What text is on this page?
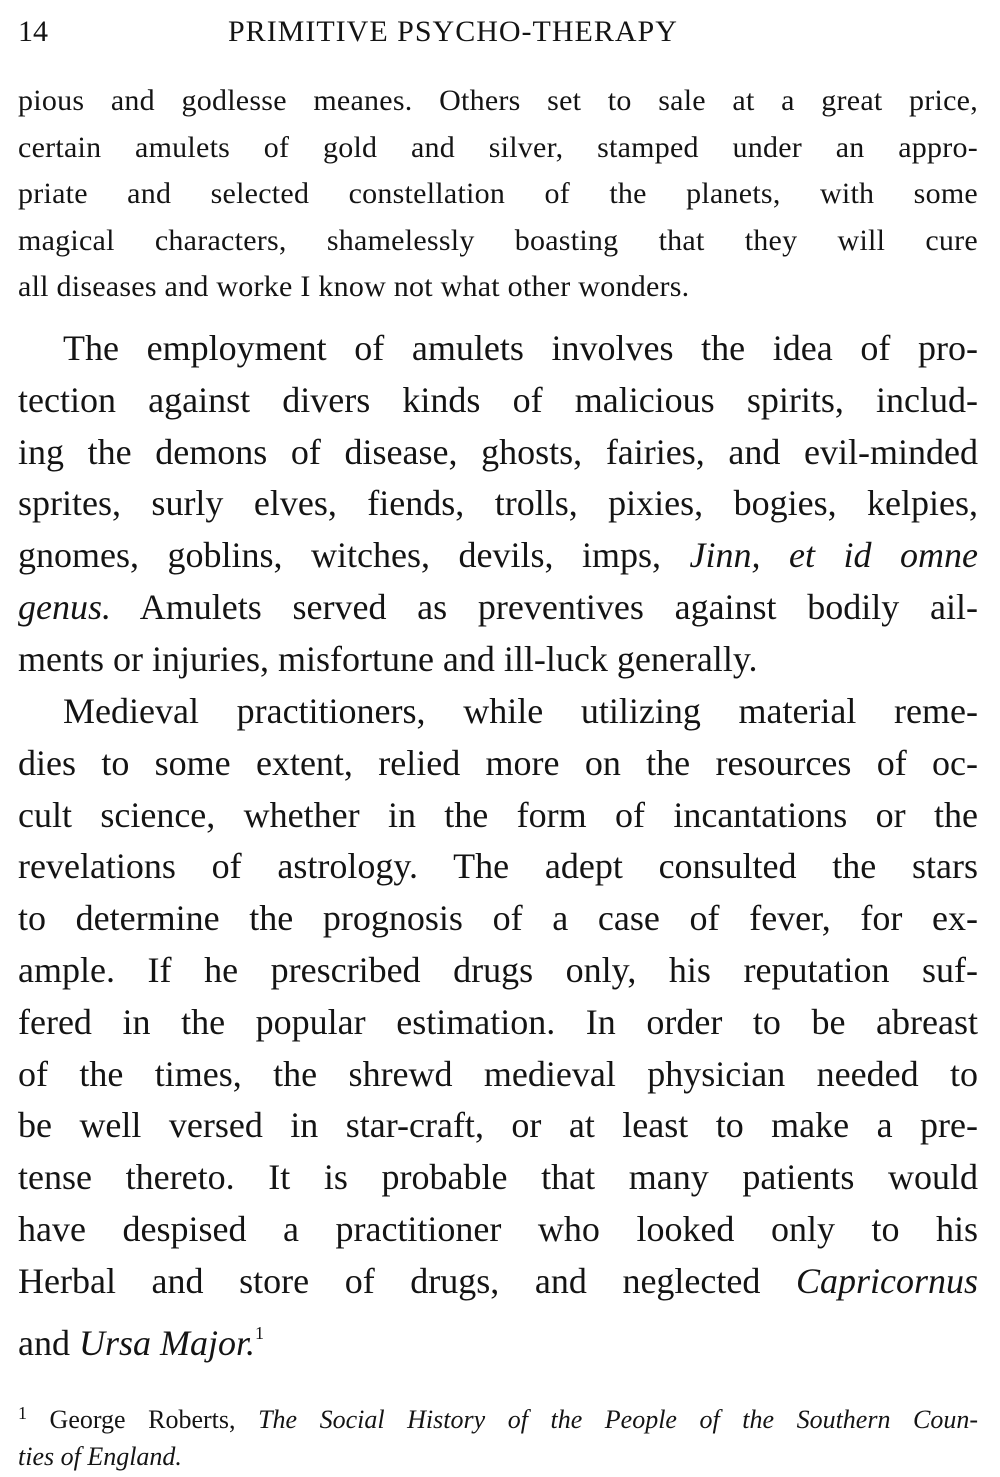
14	PRIMITIVE PSYCHO-THERAPY
pious and godlesse meanes. Others set to sale at a great price,
certain amulets of gold and silver, stamped under an appro-
priate and selected constellation of the planets, with some
magical characters, shamelessly boasting that they will cure
all diseases and worke I know not what other wonders.
The employment of amulets involves the idea of pro-
tection against divers kinds of malicious spirits, includ-
ing the demons of disease, ghosts, fairies, and evil-minded
sprites, surly elves, fiends, trolls, pixies, bogies, kelpies,
gnomes, goblins, witches, devils, imps, Jinn, et id omne
genus. Amulets served as preventives against bodily ail-
ments or injuries, misfortune and ill-luck generally.
Medieval practitioners, while utilizing material reme-
dies to some extent, relied more on the resources of oc-
cult science, whether in the form of incantations or the
revelations of astrology. The adept consulted the stars
to determine the prognosis of a case of fever, for ex-
ample. If he prescribed drugs only, his reputation suf-
fered in the popular estimation. In order to be abreast
of the times, the shrewd medieval physician needed to
be well versed in star-craft, or at least to make a pre-
tense thereto. It is probable that many patients would
have despised a practitioner who looked only to his
Herbal and store of drugs, and neglected Capricornus
and Ursa Major.$^1$
$^1$ George Roberts, The Social History of the People of the Southern Coun-
ties of England.
